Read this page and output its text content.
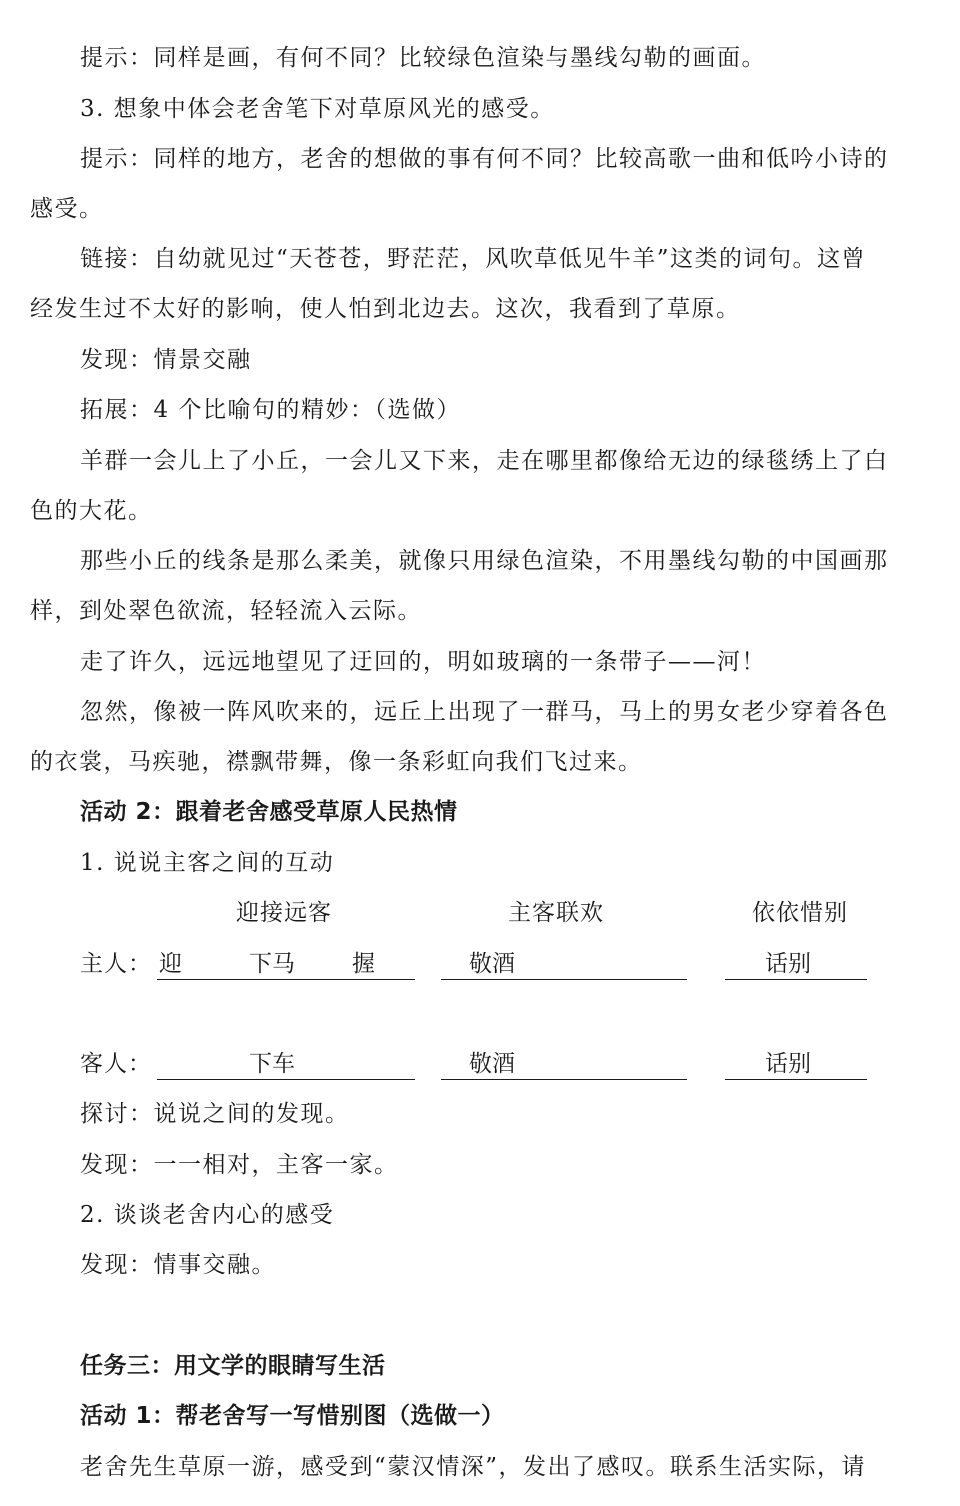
提示：同样是画，有何不同？比较绿色渲染与墨线勾勒的画面。
3. 想象中体会老舍笔下对草原风光的感受。
提示：同样的地方，老舍的想做的事有何不同？比较高歌一曲和低吟小诗的
感受。
链接：自幼就见过“天苍苍，野茫茫，风吹草低见牛羊”这类的词句。这曾
经发生过不太好的影响，使人怕到北边去。这次，我看到了草原。
发现：情景交融
拓展：4 个比喻句的精妙：（选做）
羊群一会儿上了小丘，一会儿又下来，走在哪里都像给无边的绿毯绣上了白
色的大花。
那些小丘的线条是那么柔美，就像只用绿色渲染，不用墨线勾勒的中国画那
样，到处翠色欲流，轻轻流入云际。
走了许久，远远地望见了迂回的，明如玻璃的一条带子——河！
忽然，像被一阵风吹来的，远丘上出现了一群马，马上的男女老少穿着各色
的衣裳，马疾驰，襟飘带舞，像一条彩虹向我们飞过来。
活动 2：跟着老舍感受草原人民热情
1. 说说主客之间的互动
迎接远客	主客联欢	依依惜别
主人： 迎	下马 握	敬酒	话别
客人：	下车	敬酒	话别
探讨：说说之间的发现。
发现：一一相对，主客一家。
2. 谈谈老舍内心的感受
发现：情事交融。
任务三：用文学的眼睛写生活
活动 1：帮老舍写一写惜别图（选做一）
老舍先生草原一游，感受到“蒙汉情深”，发出了感叹。联系生活实际，请
